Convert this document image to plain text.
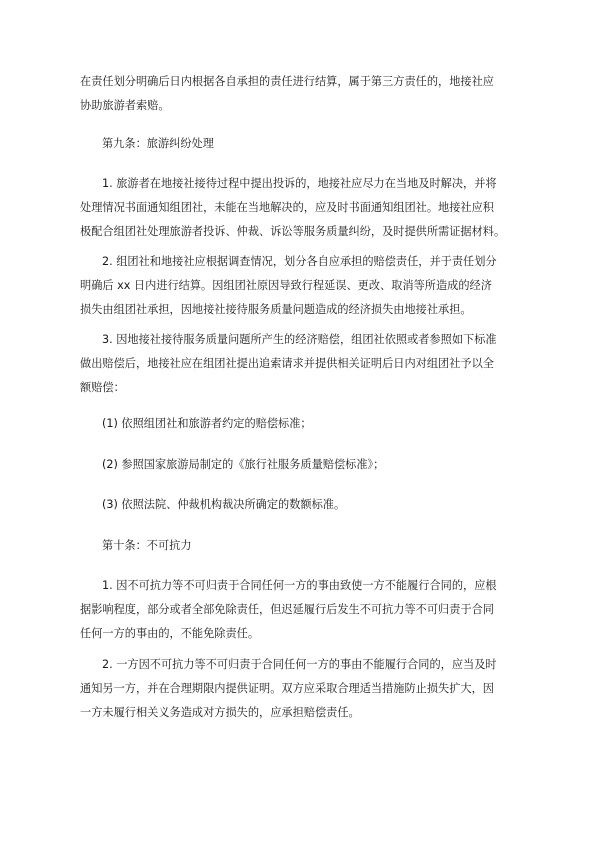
在责任划分明确后日内根据各自承担的责任进行结算，属于第三方责任的，地接社应
协助旅游者索赔。

第九条：旅游纠纷处理

1. 旅游者在地接社接待过程中提出投诉的，地接社应尽力在当地及时解决，并将
处理情况书面通知组团社，未能在当地解决的，应及时书面通知组团社。地接社应积
极配合组团社处理旅游者投诉、仲裁、诉讼等服务质量纠纷，及时提供所需证据材料。

2. 组团社和地接社应根据调查情况，划分各自应承担的赔偿责任，并于责任划分
明确后 xx 日内进行结算。因组团社原因导致行程延误、更改、取消等所造成的经济
损失由组团社承担，因地接社接待服务质量问题造成的经济损失由地接社承担。

3. 因地接社接待服务质量问题所产生的经济赔偿，组团社依照或者参照如下标准
做出赔偿后，地接社应在组团社提出追索请求并提供相关证明后日内对组团社予以全
额赔偿：

(1) 依照组团社和旅游者约定的赔偿标准；

(2) 参照国家旅游局制定的《旅行社服务质量赔偿标准》；

(3) 依照法院、仲裁机构裁决所确定的数额标准。

第十条：不可抗力

1. 因不可抗力等不可归责于合同任何一方的事由致使一方不能履行合同的，应根
据影响程度，部分或者全部免除责任，但迟延履行后发生不可抗力等不可归责于合同
任何一方的事由的，不能免除责任。

2. 一方因不可抗力等不可归责于合同任何一方的事由不能履行合同的，应当及时
通知另一方，并在合理期限内提供证明。双方应采取合理适当措施防止损失扩大，因
一方未履行相关义务造成对方损失的，应承担赔偿责任。
